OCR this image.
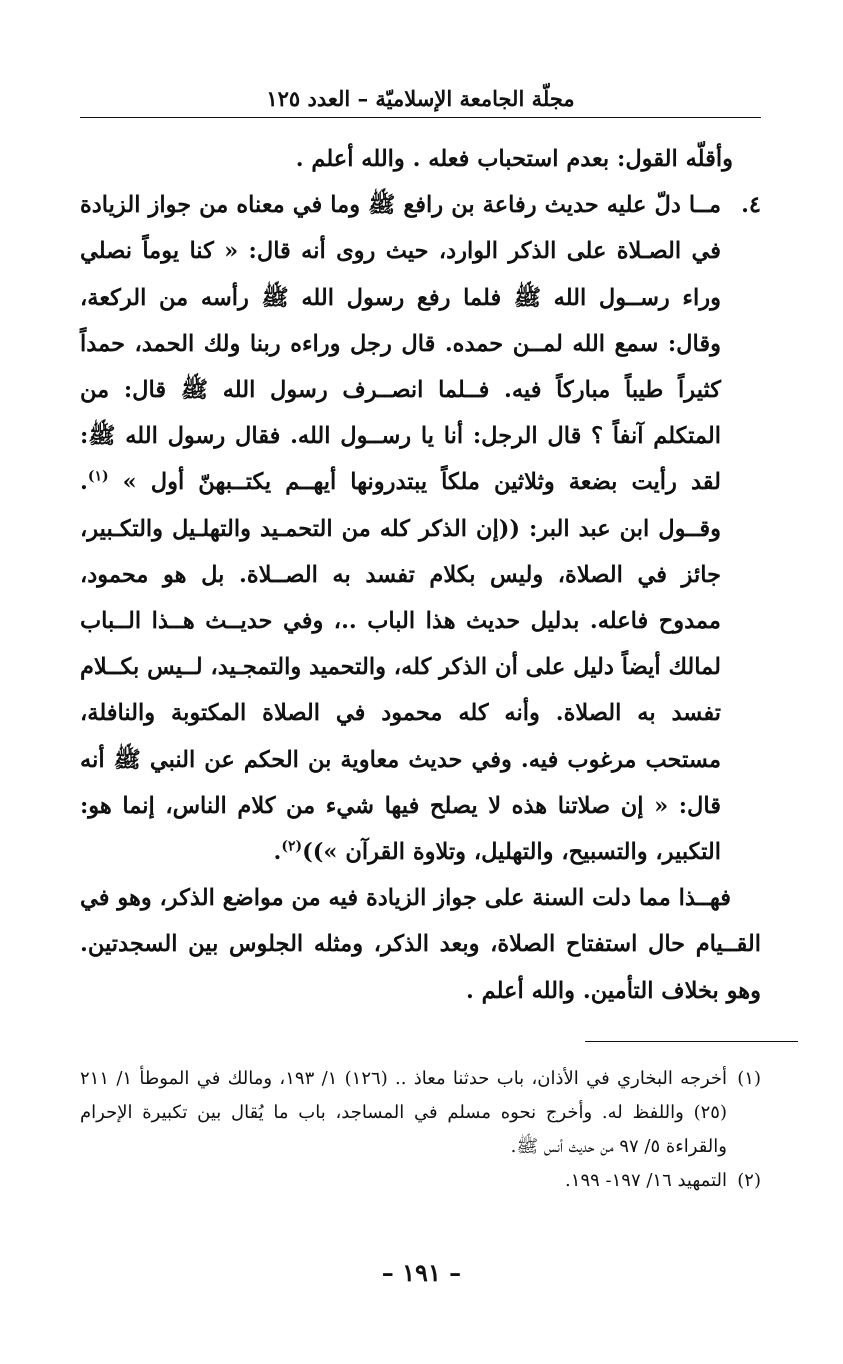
مجلّة الجامعة الإسلاميّة – العدد ١٢٥

وأقلّه القول: بعدم استحباب فعله . والله أعلم .

٤.

مــا دلّ عليه حديث رفاعة بن رافع ﷺ وما في معناه من جواز الزيادة في الصـلاة على الذكر الوارد، حيث روى أنه قال: « كنا يوماً نصلي وراء رســول الله ﷺ فلما رفع رسول الله ﷺ رأسه من الركعة، وقال: سمع الله لمــن حمده. قال رجل وراءه ربنا ولك الحمد، حمداً كثيراً طيباً مباركاً فيه. فــلما انصــرف رسول الله ﷺ قال: من المتكلم آنفاً ؟ قال الرجل: أنا يا رســول الله. فقال رسول الله ﷺ: لقد رأيت بضعة وثلاثين ملكاً يبتدرونها أيهــم يكتــبهنّ أول » $^{(١)}$. وقــول ابن عبد البر: ((إن الذكر كله من التحمـيد والتهلـيل والتكـبير، جائز في الصلاة، وليس بكلام تفسد به الصــلاة. بل هو محمود، ممدوح فاعله. بدليل حديث هذا الباب ..، وفي حديــث هــذا الــباب لمالك أيضاً دليل على أن الذكر كله، والتحميد والتمجـيد، لــيس بكــلام تفسد به الصلاة. وأنه كله محمود في الصلاة المكتوبة والنافلة، مستحب مرغوب فيه. وفي حديث معاوية بن الحكم عن النبي ﷺ أنه قال: « إن صلاتنا هذه لا يصلح فيها شيء من كلام الناس، إنما هو: التكبير، والتسبيح، والتهليل، وتلاوة القرآن »))$^{(٢)}$.

فهــذا مما دلت السنة على جواز الزيادة فيه من مواضع الذكر، وهو في القــيام حال استفتاح الصلاة، وبعد الذكر، ومثله الجلوس بين السجدتين. وهو بخلاف التأمين. والله أعلم .

(١)

أخرجه البخاري في الأذان، باب حدثنا معاذ .. (١٢٦) ١/ ١٩٣، ومالك في الموطأ ١/ ٢١١ (٢٥) واللفظ له. وأخرج نحوه مسلم في المساجد، باب ما يُقال بين تكبيرة الإحرام والقراءة ٥/ ٩٧ من حديث أنس ﷺ.

(٢)

التمهيد ١٦/ ١٩٧- ١٩٩.

– ١٩١ –
